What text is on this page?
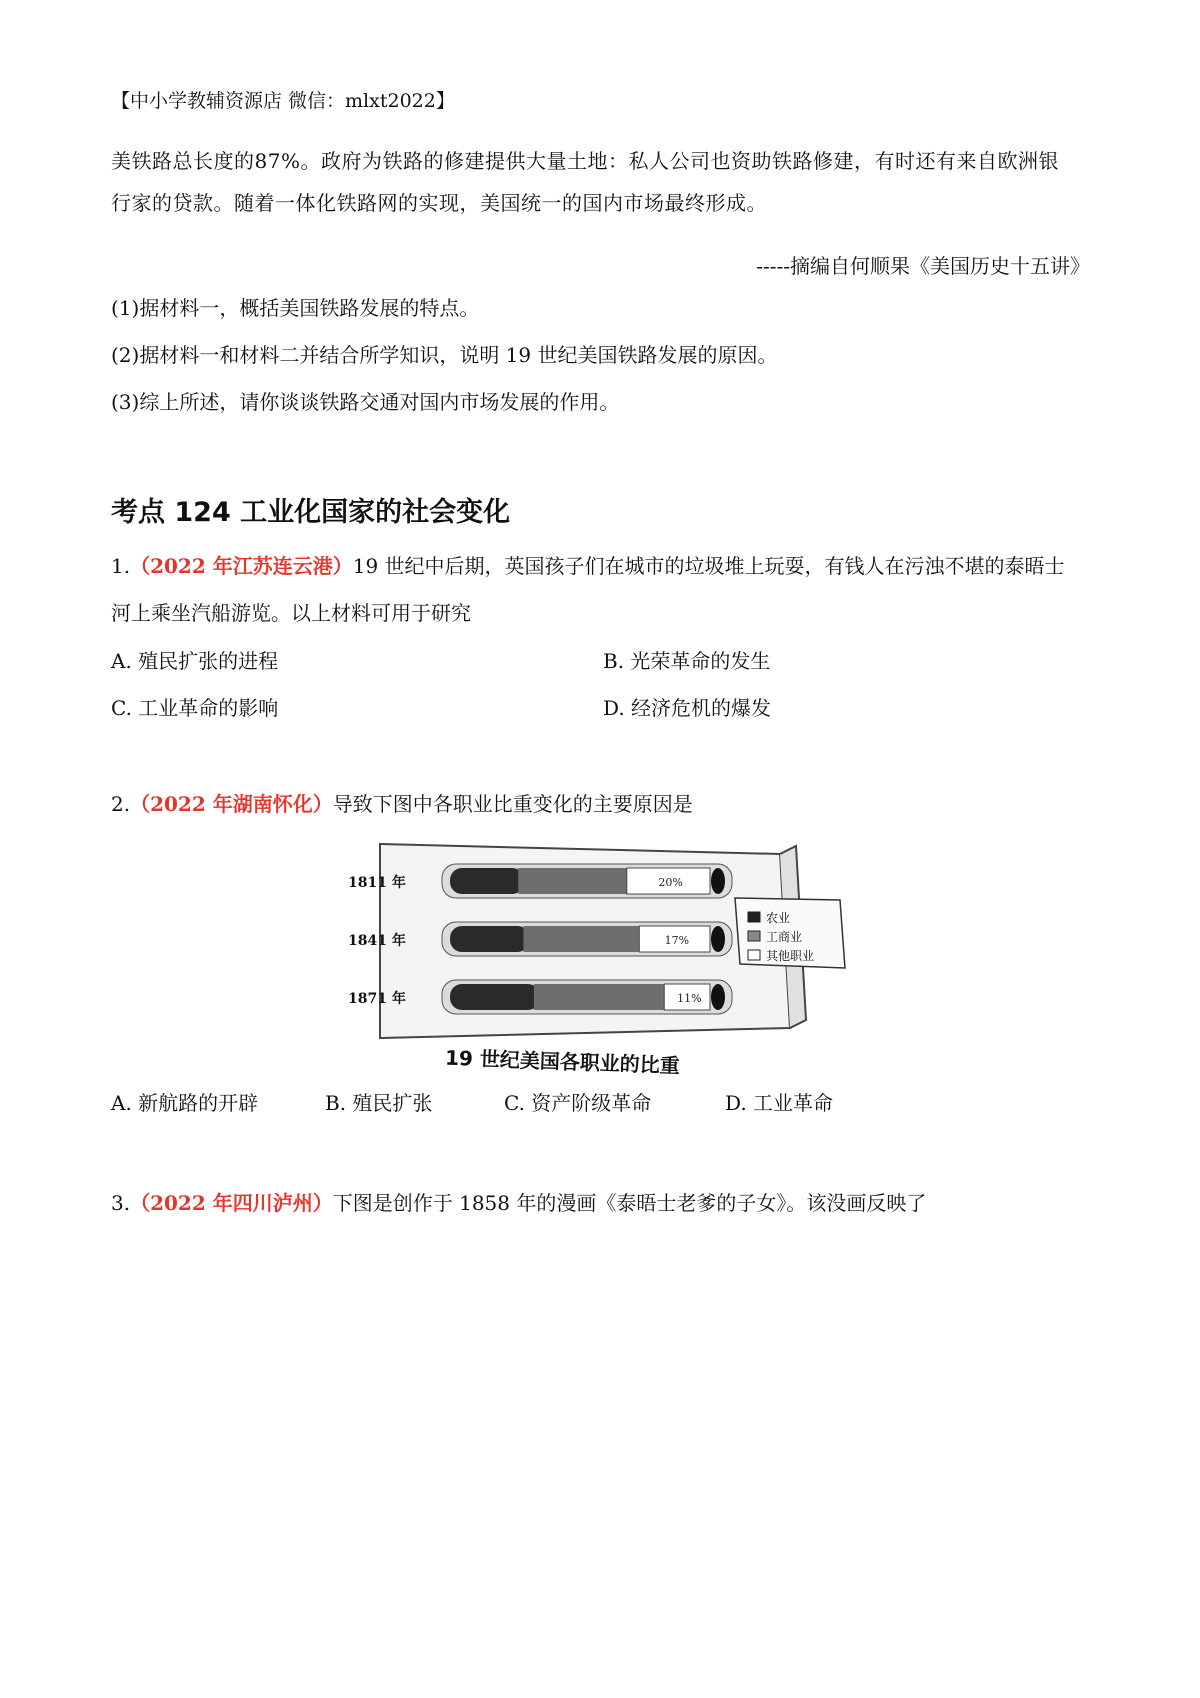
【中小学教辅资源店 微信：mlxt2022】
美铁路总长度的87%。政府为铁路的修建提供大量土地：私人公司也资助铁路修建，有时还有来自欧洲银
行家的贷款。随着一体化铁路网的实现，美国统一的国内市场最终形成。
-----摘编自何顺果《美国历史十五讲》
(1)据材料一，概括美国铁路发展的特点。
(2)据材料一和材料二并结合所学知识，说明 19 世纪美国铁路发展的原因。
(3)综上所述，请你谈谈铁路交通对国内市场发展的作用。
考点 124 工业化国家的社会变化
1.（2022 年江苏连云港）19 世纪中后期，英国孩子们在城市的垃圾堆上玩耍，有钱人在污浊不堪的泰晤士
河上乘坐汽船游览。以上材料可用于研究
A. 殖民扩张的进程	B. 光荣革命的发生
C. 工业革命的影响	D. 经济危机的爆发
2.（2022 年湖南怀化）导致下图中各职业比重变化的主要原因是
1811 年	20%
1841 年	17%
1871 年	11%
农业
工商业
其他职业
19 世纪美国各职业的比重
A. 新航路的开辟	B. 殖民扩张	C. 资产阶级革命	D. 工业革命
3.（2022 年四川泸州）下图是创作于 1858 年的漫画《泰晤士老爹的子女》。该没画反映了
